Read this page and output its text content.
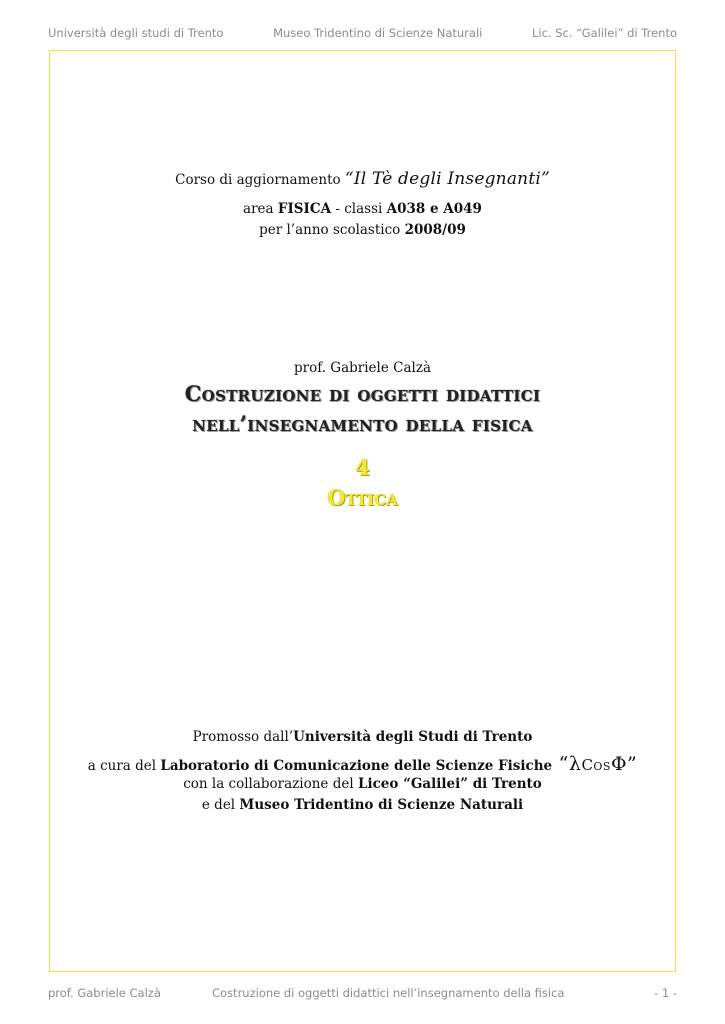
Università degli studi di Trento	Museo Tridentino di Scienze Naturali	Lic. Sc. “Galilei” di Trento
Corso di aggiornamento “Il Tè degli Insegnanti”
area FISICA - classi A038 e A049
per l’anno scolastico 2008/09
prof. Gabriele Calzà
Costruzione di oggetti didattici
nell’insegnamento della fisica
4
Ottica
Promosso dall’Università degli Studi di Trento
a cura del Laboratorio di Comunicazione delle Scienze Fisiche “λCosΦ”
con la collaborazione del Liceo “Galilei” di Trento
e del Museo Tridentino di Scienze Naturali
prof. Gabriele Calzà	Costruzione di oggetti didattici nell’insegnamento della fisica	- 1 -
